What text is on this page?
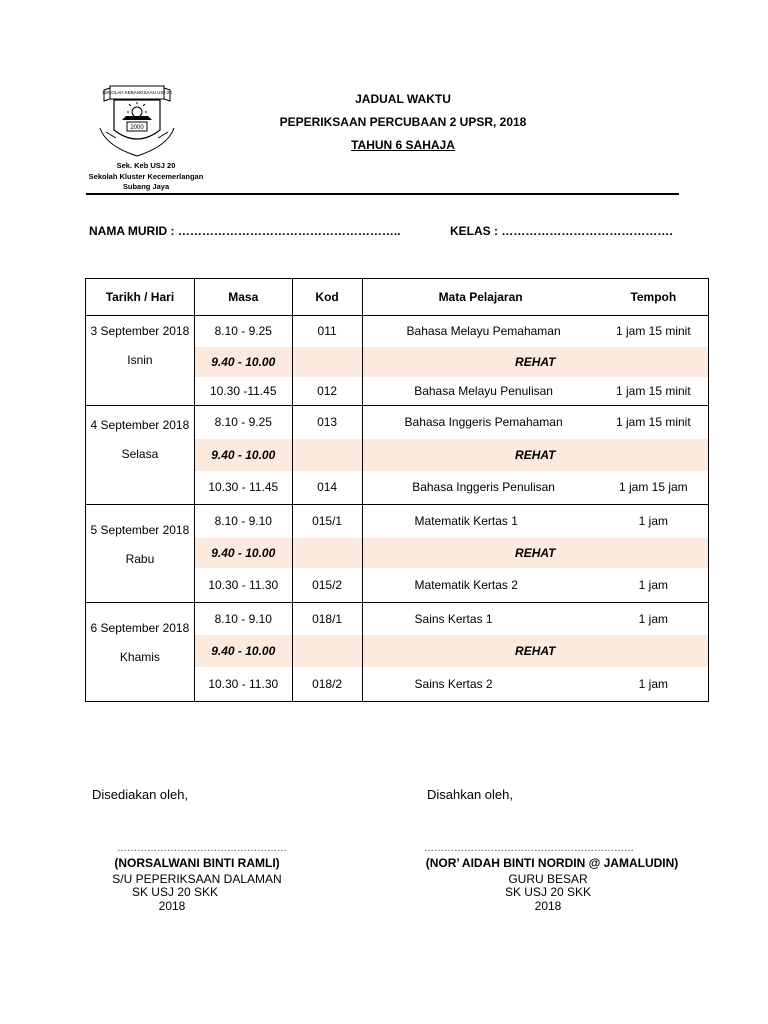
JADUAL WAKTU
PEPERIKSAAN PERCUBAAN 2 UPSR, 2018
TAHUN 6 SAHAJA
SEKOLAH KEBANGSAAN USJ 20
2000
Sek. Keb USJ 20
Sekolah Kluster Kecemerlangan
Subang Jaya
NAMA MURID : ………………………………………………..	KELAS : …………………………………….
Tarikh / Hari	Masa	Kod	Mata Pelajaran	Tempoh

3 September 2018
Isnin	8.10 - 9.25	011	Bahasa Melayu Pemahaman	1 jam 15 minit
	9.40 - 10.00		REHAT	
	10.30 -11.45	012	Bahasa Melayu Penulisan	1 jam 15 minit

4 September 2018
Selasa	8.10 - 9.25	013	Bahasa Inggeris Pemahaman	1 jam 15 minit
	9.40 - 10.00		REHAT	
	10.30 - 11.45	014	Bahasa Inggeris Penulisan	1 jam 15 jam

5 September 2018
Rabu	8.10 - 9.10	015/1	Matematik Kertas 1	1 jam
	9.40 - 10.00		REHAT	
	10.30 - 11.30	015/2	Matematik Kertas 2	1 jam

6 September 2018
Khamis	8.10 - 9.10	018/1	Sains Kertas 1	1 jam
	9.40 - 10.00		REHAT	
	10.30 - 11.30	018/2	Sains Kertas 2	1 jam
Disediakan oleh,	Disahkan oleh,
……………………………………………	………………………………………………………
(NORSALWANI BINTI RAMLI)
S/U PEPERIKSAAN DALAMAN
SK USJ 20 SKK
2018
(NOR’ AIDAH BINTI NORDIN @ JAMALUDIN)
GURU BESAR
SK USJ 20 SKK
2018
